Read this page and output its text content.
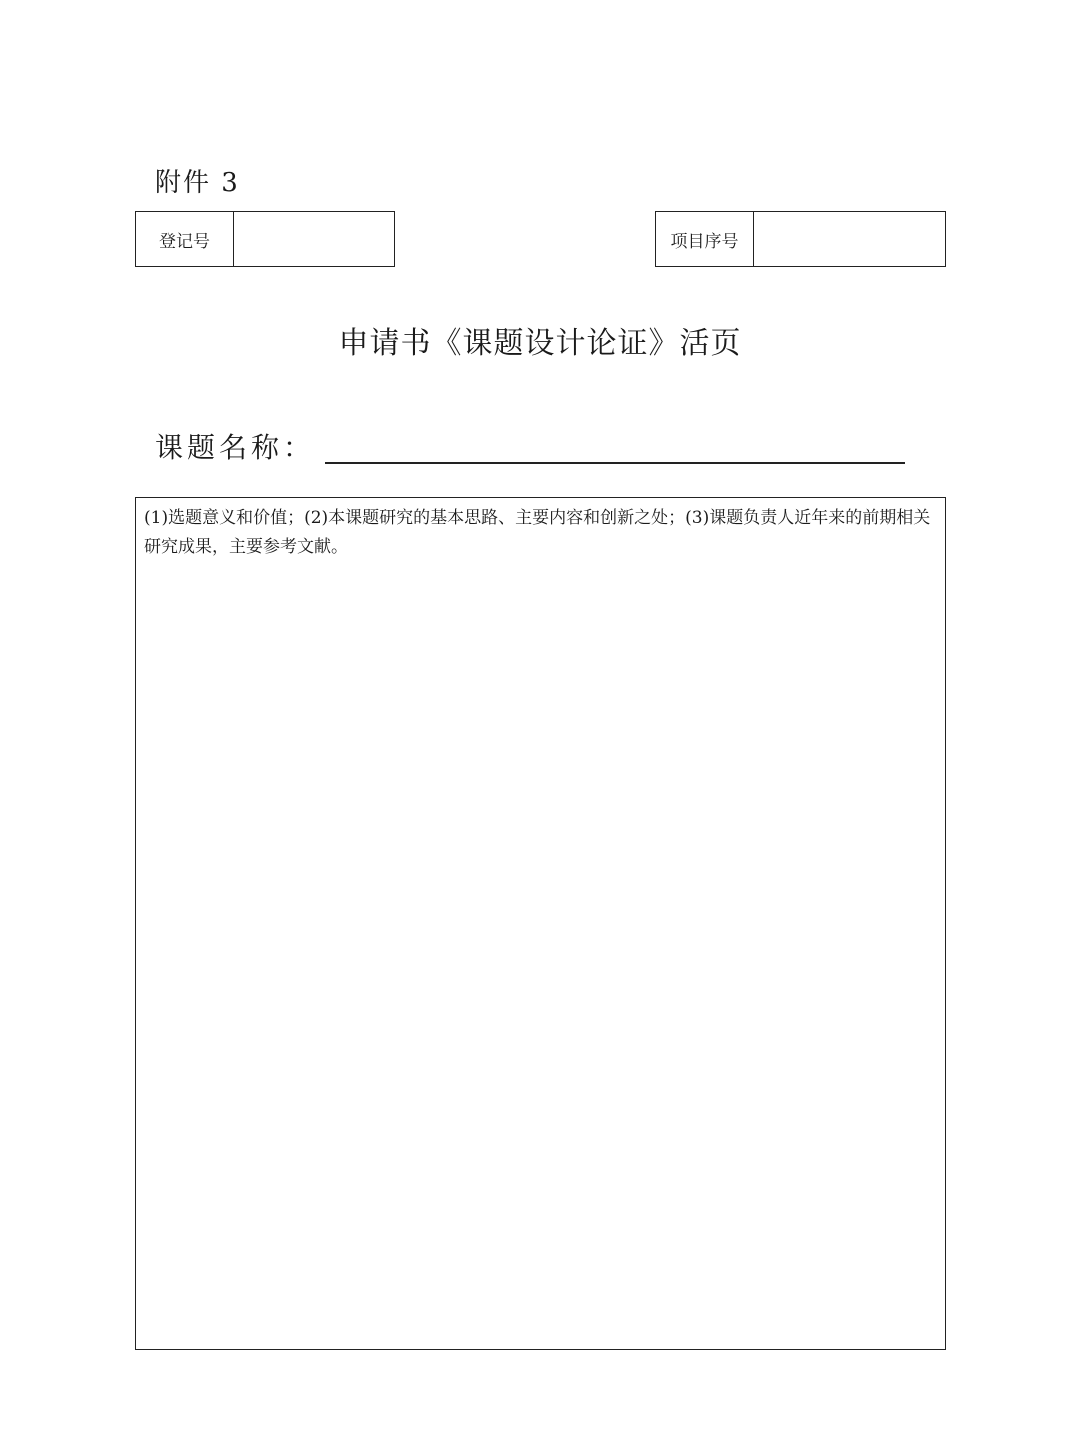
附件 3
登记号	项目序号
申请书《课题设计论证》活页
课题名称：

(1)选题意义和价值；(2)本课题研究的基本思路、主要内容和创新之处；(3)课题负责人近年来的前期相关研究成果，主要参考文献。
